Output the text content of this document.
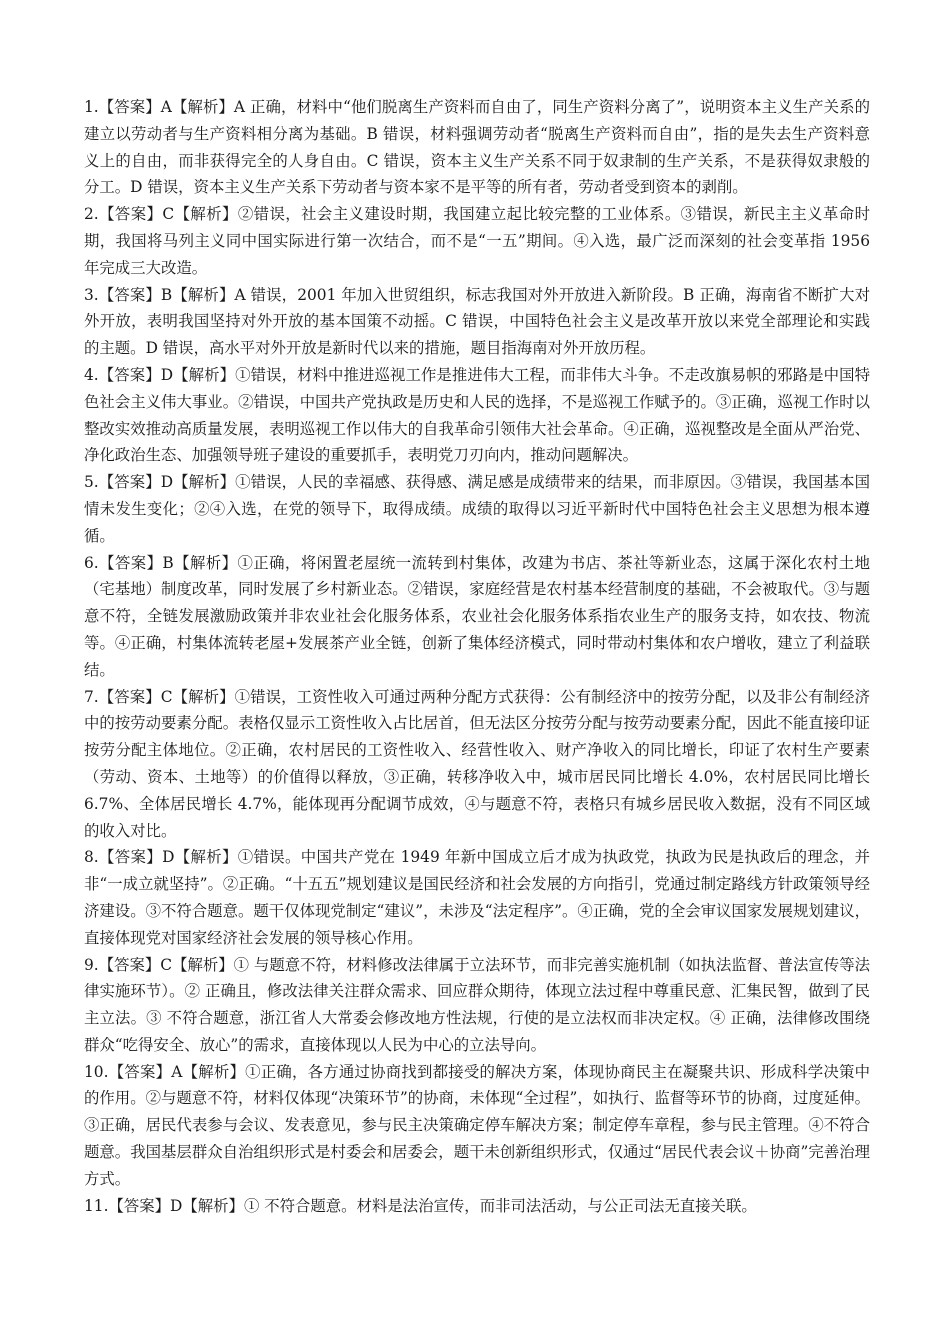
1.【答案】A【解析】A 正确，材料中“他们脱离生产资料而自由了，同生产资料分离了”，说明资本主义生产关系的建立以劳动者与生产资料相分离为基础。B 错误，材料强调劳动者“脱离生产资料而自由”，指的是失去生产资料意义上的自由，而非获得完全的人身自由。C 错误，资本主义生产关系不同于奴隶制的生产关系，不是获得奴隶般的分工。D 错误，资本主义生产关系下劳动者与资本家不是平等的所有者，劳动者受到资本的剥削。

2.【答案】C【解析】②错误，社会主义建设时期，我国建立起比较完整的工业体系。③错误，新民主主义革命时期，我国将马列主义同中国实际进行第一次结合，而不是“一五”期间。④入选，最广泛而深刻的社会变革指 1956 年完成三大改造。

3.【答案】B【解析】A 错误，2001 年加入世贸组织，标志我国对外开放进入新阶段。B 正确，海南省不断扩大对外开放，表明我国坚持对外开放的基本国策不动摇。C 错误，中国特色社会主义是改革开放以来党全部理论和实践的主题。D 错误，高水平对外开放是新时代以来的措施，题目指海南对外开放历程。

4.【答案】D【解析】①错误，材料中推进巡视工作是推进伟大工程，而非伟大斗争。不走改旗易帜的邪路是中国特色社会主义伟大事业。②错误，中国共产党执政是历史和人民的选择，不是巡视工作赋予的。③正确，巡视工作时以整改实效推动高质量发展，表明巡视工作以伟大的自我革命引领伟大社会革命。④正确，巡视整改是全面从严治党、净化政治生态、加强领导班子建设的重要抓手，表明党刀刃向内，推动问题解决。

5.【答案】D【解析】①错误，人民的幸福感、获得感、满足感是成绩带来的结果，而非原因。③错误，我国基本国情未发生变化；②④入选，在党的领导下，取得成绩。成绩的取得以习近平新时代中国特色社会主义思想为根本遵循。

6.【答案】B【解析】①正确，将闲置老屋统一流转到村集体，改建为书店、茶社等新业态，这属于深化农村土地（宅基地）制度改革，同时发展了乡村新业态。②错误，家庭经营是农村基本经营制度的基础，不会被取代。③与题意不符，全链发展激励政策并非农业社会化服务体系，农业社会化服务体系指农业生产的服务支持，如农技、物流等。④正确，村集体流转老屋+发展茶产业全链，创新了集体经济模式，同时带动村集体和农户增收，建立了利益联结。

7.【答案】C【解析】①错误，工资性收入可通过两种分配方式获得：公有制经济中的按劳分配，以及非公有制经济中的按劳动要素分配。表格仅显示工资性收入占比居首，但无法区分按劳分配与按劳动要素分配，因此不能直接印证按劳分配主体地位。②正确，农村居民的工资性收入、经营性收入、财产净收入的同比增长，印证了农村生产要素（劳动、资本、土地等）的价值得以释放，③正确，转移净收入中，城市居民同比增长 4.0%，农村居民同比增长 6.7%、全体居民增长 4.7%，能体现再分配调节成效，④与题意不符，表格只有城乡居民收入数据，没有不同区域的收入对比。

8.【答案】D【解析】①错误。中国共产党在 1949 年新中国成立后才成为执政党，执政为民是执政后的理念，并非“一成立就坚持”。②正确。“十五五”规划建议是国民经济和社会发展的方向指引，党通过制定路线方针政策领导经济建设。③不符合题意。题干仅体现党制定“建议”，未涉及“法定程序”。④正确，党的全会审议国家发展规划建议，直接体现党对国家经济社会发展的领导核心作用。

9.【答案】C【解析】① 与题意不符，材料修改法律属于立法环节，而非完善实施机制（如执法监督、普法宣传等法律实施环节）。② 正确且，修改法律关注群众需求、回应群众期待，体现立法过程中尊重民意、汇集民智，做到了民主立法。③ 不符合题意，浙江省人大常委会修改地方性法规，行使的是立法权而非决定权。④ 正确，法律修改围绕群众“吃得安全、放心”的需求，直接体现以人民为中心的立法导向。

10.【答案】A【解析】①正确，各方通过协商找到都接受的解决方案，体现协商民主在凝聚共识、形成科学决策中的作用。②与题意不符，材料仅体现“决策环节”的协商，未体现“全过程”，如执行、监督等环节的协商，过度延伸。③正确，居民代表参与会议、发表意见，参与民主决策确定停车解决方案；制定停车章程，参与民主管理。④不符合题意。我国基层群众自治组织形式是村委会和居委会，题干未创新组织形式，仅通过“居民代表会议＋协商”完善治理方式。

11.【答案】D【解析】① 不符合题意。材料是法治宣传，而非司法活动，与公正司法无直接关联。
